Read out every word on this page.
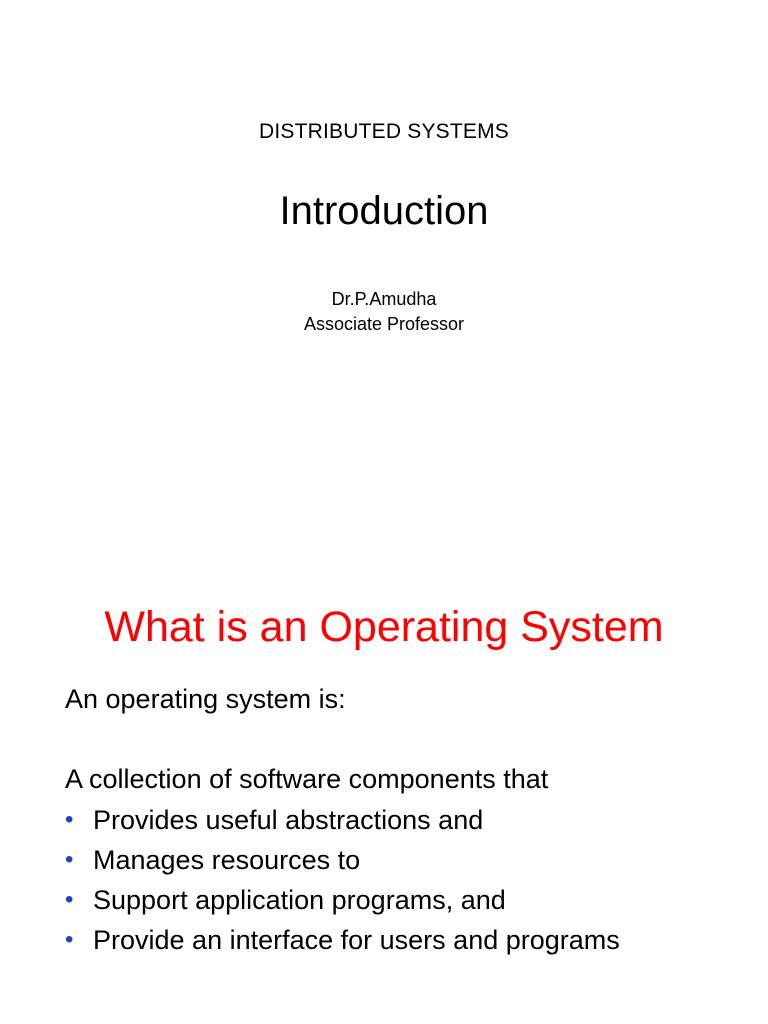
DISTRIBUTED SYSTEMS
Introduction
Dr.P.Amudha
Associate Professor
What is an Operating System
An operating system is:
A collection of software components that
• Provides useful abstractions and
• Manages resources to
• Support application programs, and
• Provide an interface for users and programs
